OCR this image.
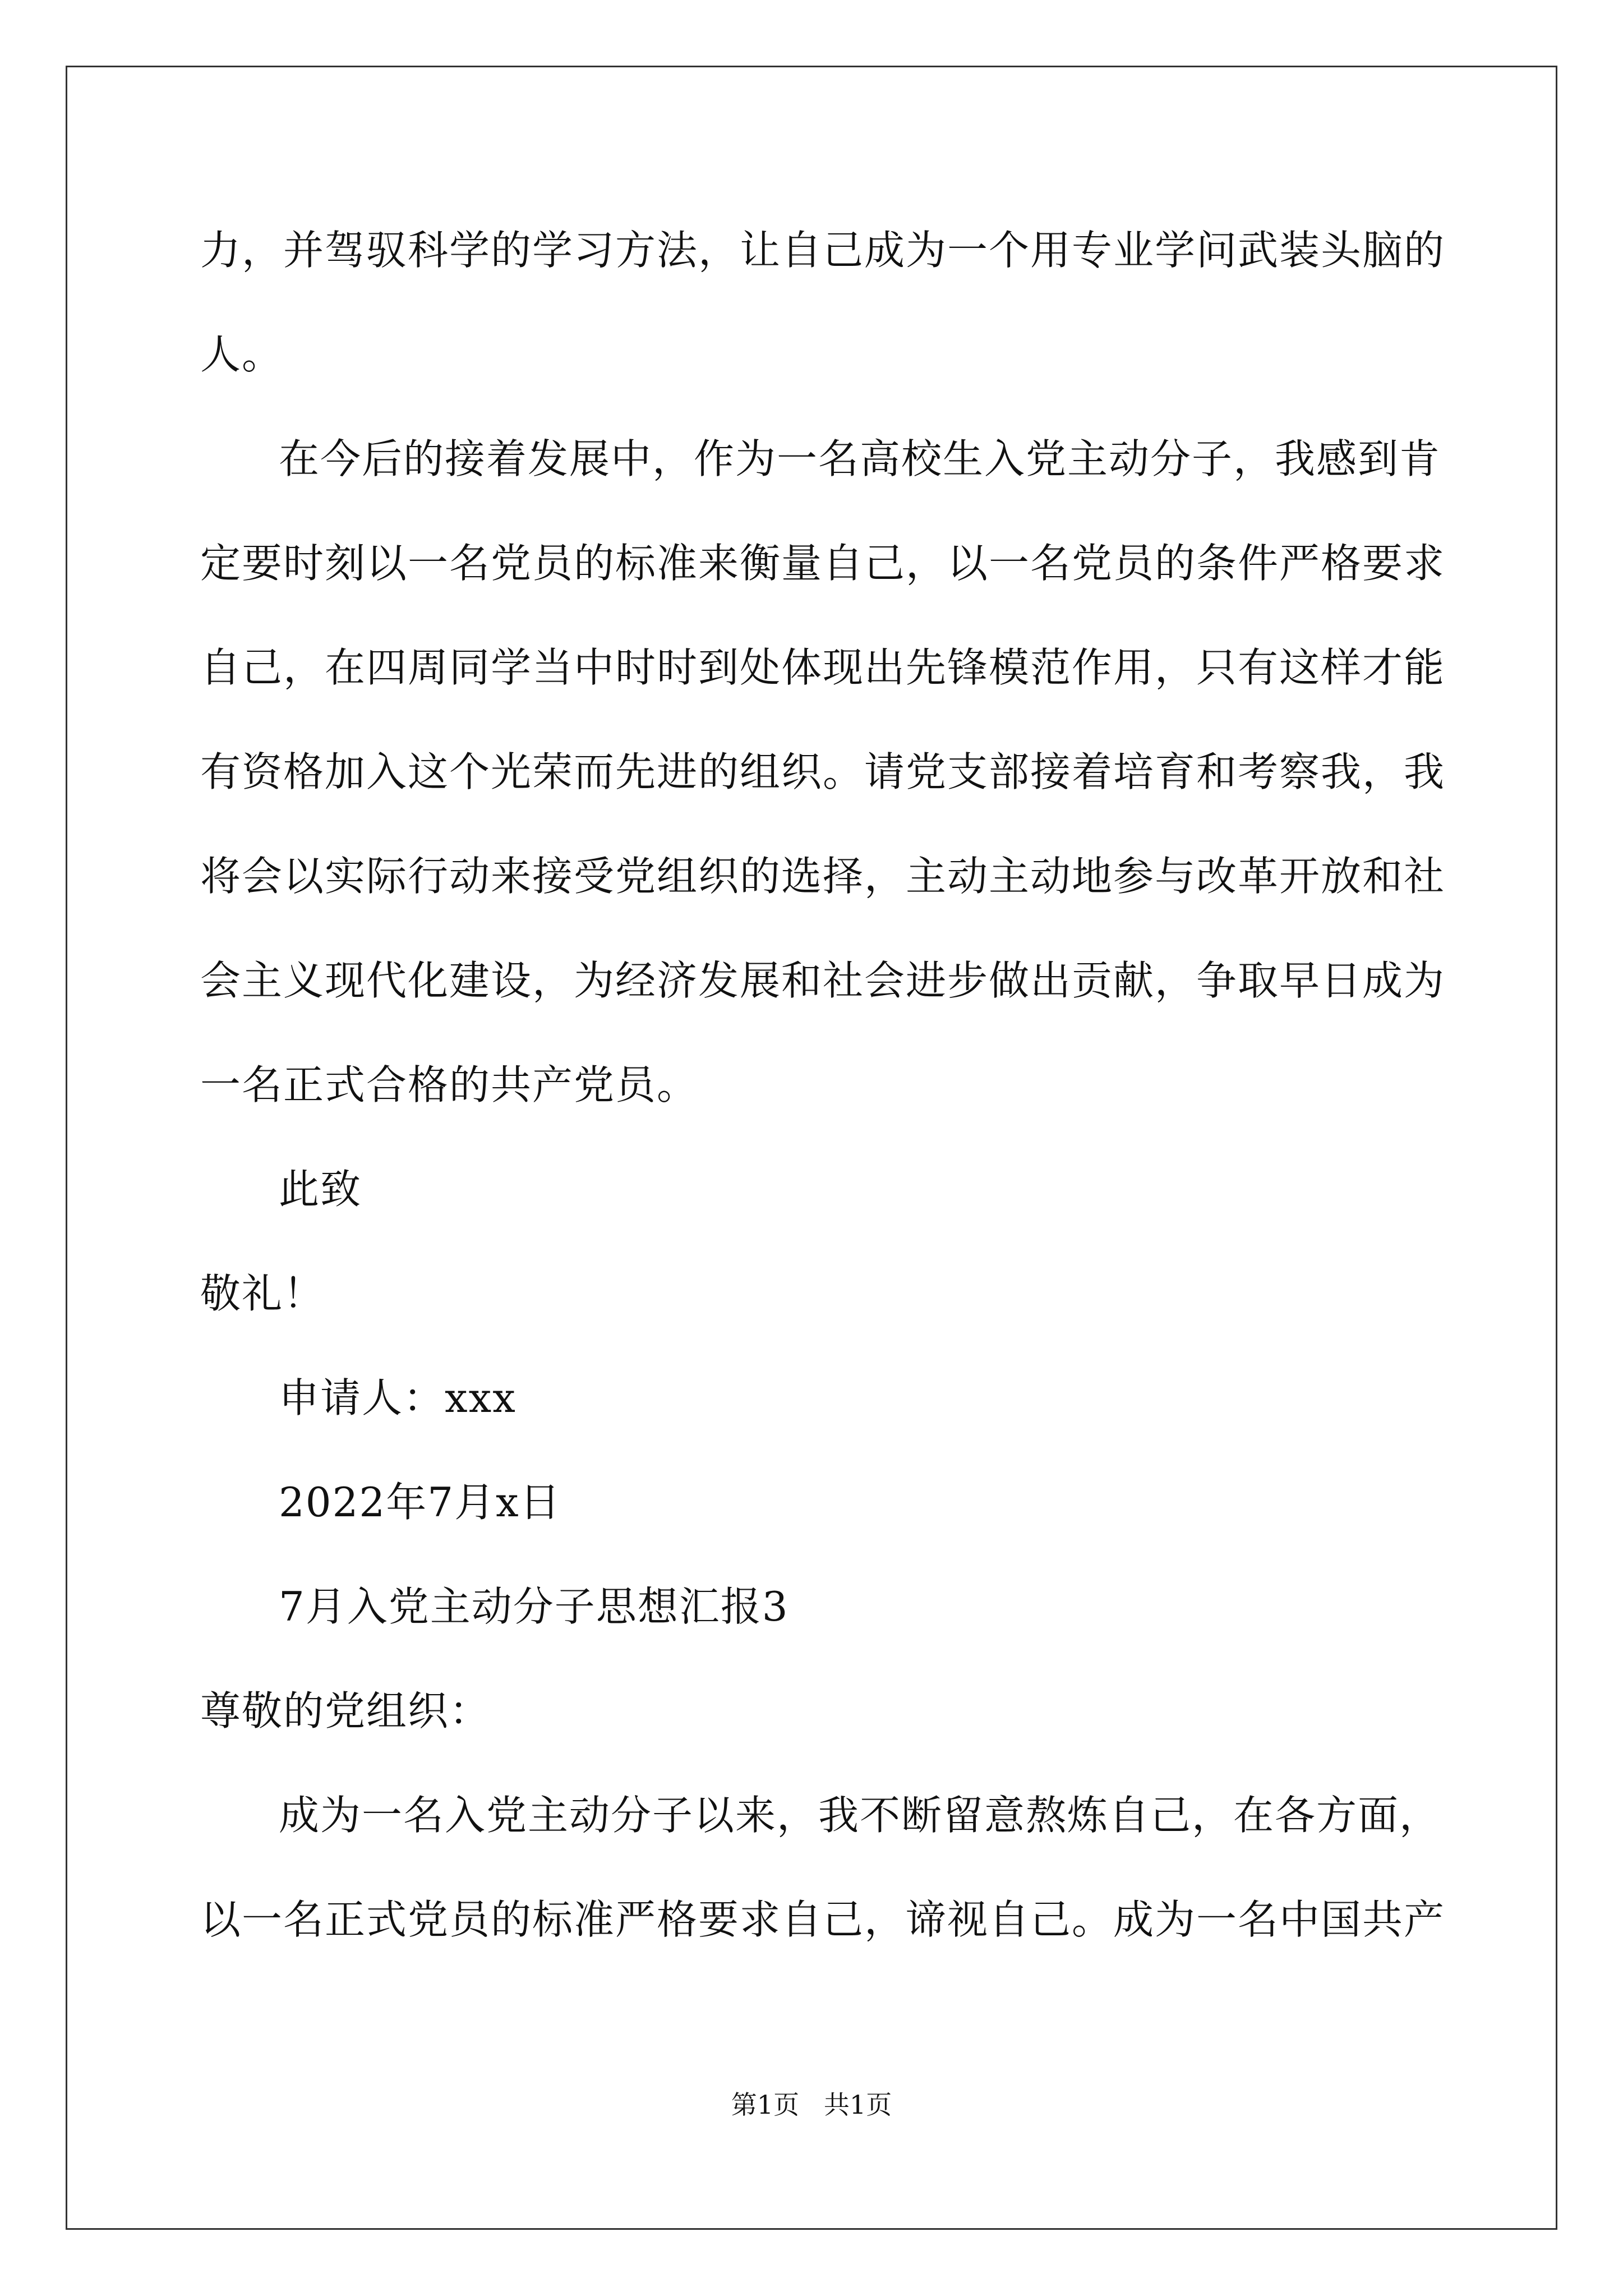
力，并驾驭科学的学习方法，让自己成为一个用专业学问武装头脑的
人。
在今后的接着发展中，作为一名高校生入党主动分子，我感到肯
定要时刻以一名党员的标准来衡量自己，以一名党员的条件严格要求
自己，在四周同学当中时时到处体现出先锋模范作用，只有这样才能
有资格加入这个光荣而先进的组织。请党支部接着培育和考察我，我
将会以实际行动来接受党组织的选择，主动主动地参与改革开放和社
会主义现代化建设，为经济发展和社会进步做出贡献，争取早日成为
一名正式合格的共产党员。
此致
敬礼！
申请人：xxx
2022年7月x日
7月入党主动分子思想汇报3
尊敬的党组织：
成为一名入党主动分子以来，我不断留意熬炼自己，在各方面，
以一名正式党员的标准严格要求自己，谛视自己。成为一名中国共产
第1页   共1页
